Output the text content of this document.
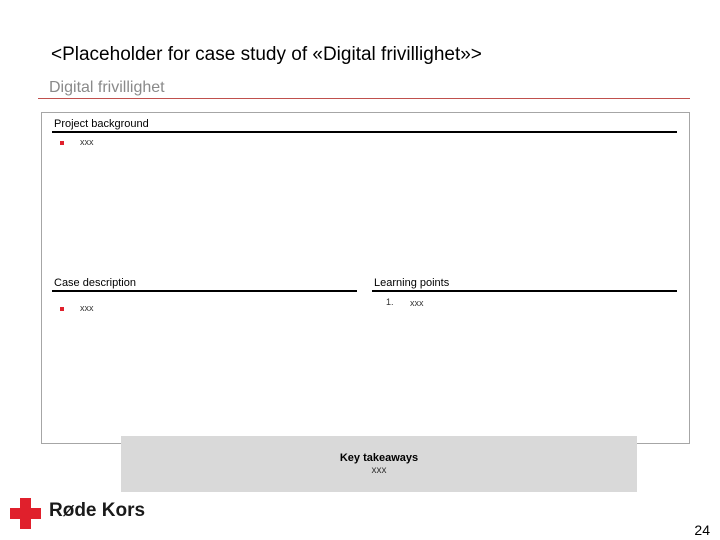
<Placeholder for case study of «Digital frivillighet»>
Digital frivillighet
Project background
xxx
Case description
xxx
Learning points
1. xxx
Key takeaways
xxx
Røde Kors
24
